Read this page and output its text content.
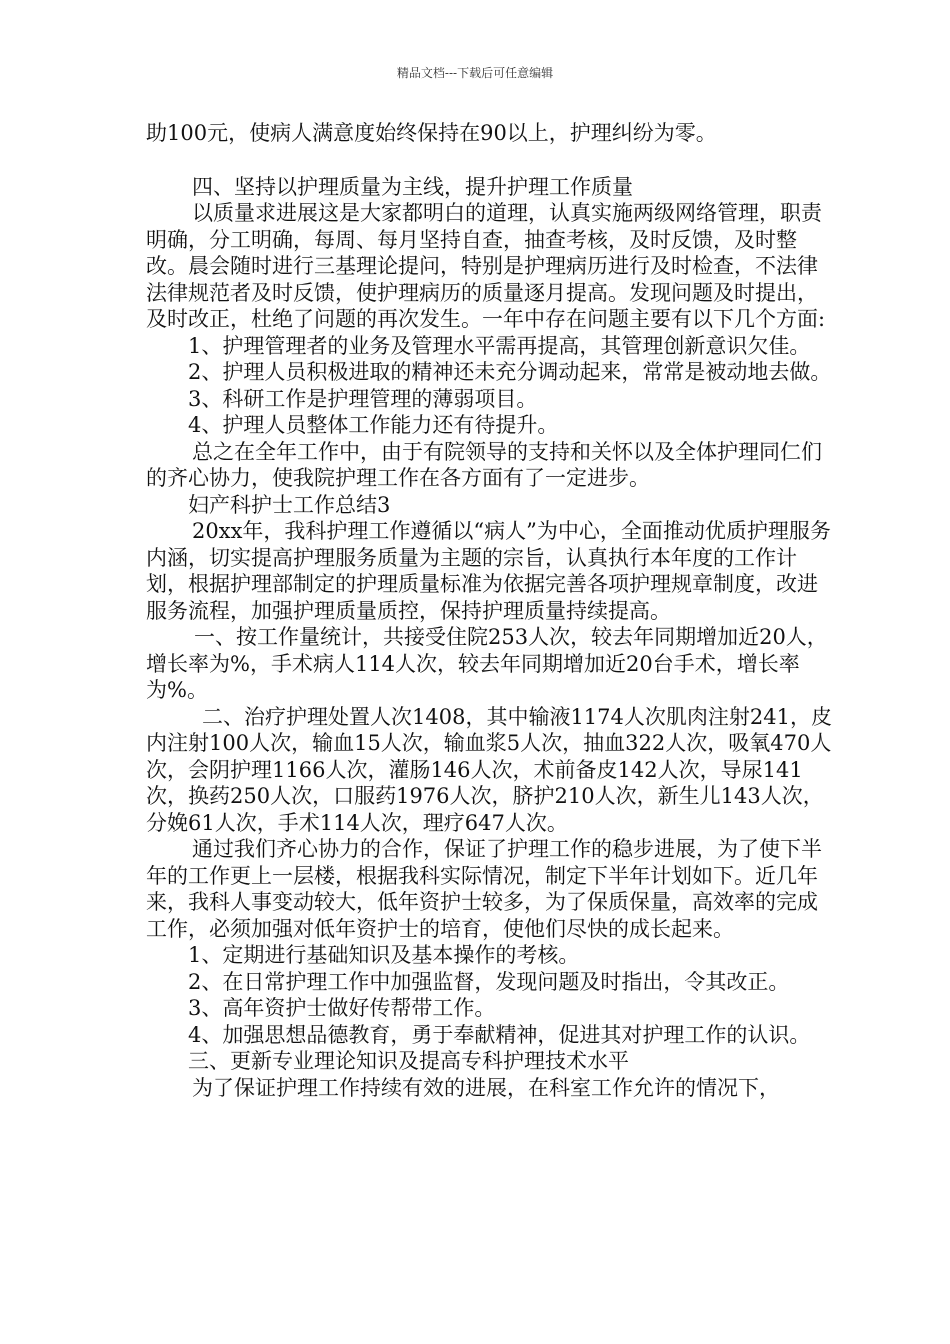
精品文档---下载后可任意编辑

助100元，使病人满意度始终保持在90以上，护理纠纷为零。

四、坚持以护理质量为主线，提升护理工作质量

以质量求进展这是大家都明白的道理，认真实施两级网络管理，职责明确，分工明确，每周、每月坚持自查，抽查考核，及时反馈，及时整改。晨会随时进行三基理论提问，特别是护理病历进行及时检查，不法律法律规范者及时反馈，使护理病历的质量逐月提高。发现问题及时提出，及时改正，杜绝了问题的再次发生。一年中存在问题主要有以下几个方面:

1、护理管理者的业务及管理水平需再提高，其管理创新意识欠佳。

2、护理人员积极进取的精神还未充分调动起来，常常是被动地去做。

3、科研工作是护理管理的薄弱项目。

4、护理人员整体工作能力还有待提升。

总之在全年工作中，由于有院领导的支持和关怀以及全体护理同仁们的齐心协力，使我院护理工作在各方面有了一定进步。

妇产科护士工作总结3

20xx年，我科护理工作遵循以“病人”为中心，全面推动优质护理服务内涵，切实提高护理服务质量为主题的宗旨，认真执行本年度的工作计划，根据护理部制定的护理质量标准为依据完善各项护理规章制度，改进服务流程，加强护理质量质控，保持护理质量持续提高。

一、按工作量统计，共接受住院253人次，较去年同期增加近20人，增长率为%，手术病人114人次，较去年同期增加近20台手术，增长率为%。

二、治疗护理处置人次1408，其中输液1174人次肌肉注射241，皮内注射100人次，输血15人次，输血浆5人次，抽血322人次，吸氧470人次，会阴护理1166人次，灌肠146人次，术前备皮142人次，导尿141次，换药250人次，口服药1976人次，脐护210人次，新生儿143人次，分娩61人次，手术114人次，理疗647人次。

通过我们齐心协力的合作，保证了护理工作的稳步进展，为了使下半年的工作更上一层楼，根据我科实际情况，制定下半年计划如下。近几年来，我科人事变动较大，低年资护士较多，为了保质保量，高效率的完成工作，必须加强对低年资护士的培育，使他们尽快的成长起来。

1、定期进行基础知识及基本操作的考核。

2、在日常护理工作中加强监督，发现问题及时指出，令其改正。

3、高年资护士做好传帮带工作。

4、加强思想品德教育，勇于奉献精神，促进其对护理工作的认识。

三、更新专业理论知识及提高专科护理技术水平

为了保证护理工作持续有效的进展，在科室工作允许的情况下，
